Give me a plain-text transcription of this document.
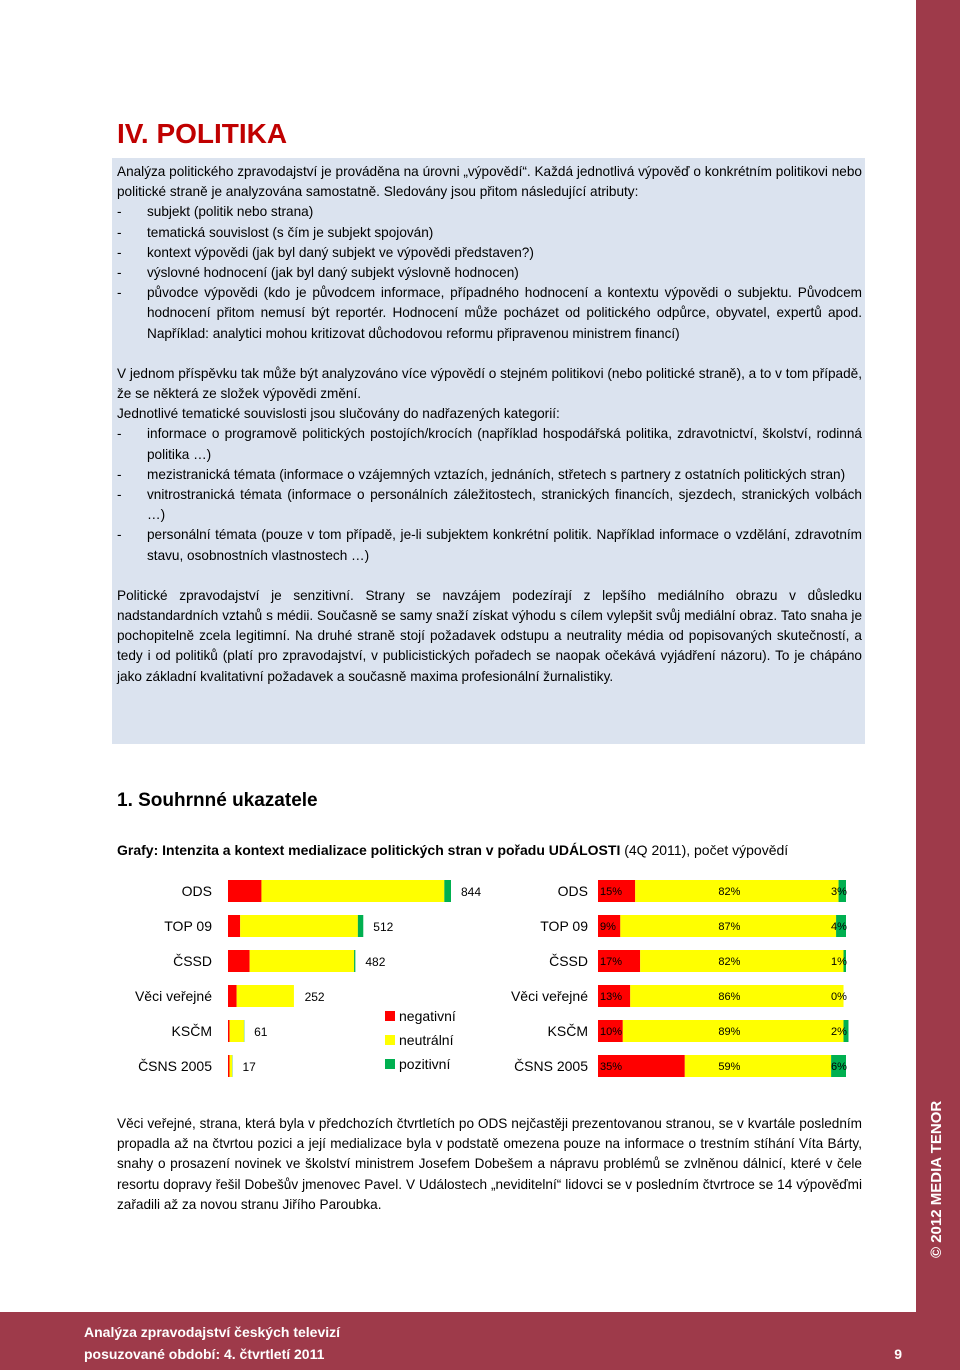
© 2012 MEDIA TENOR
Analýza zpravodajství českých televizí
posuzované období: 4. čtvrtletí 2011	9
IV. POLITIKA

Analýza politického zpravodajství je prováděna na úrovni „výpovědí“. Každá jednotlivá výpověď o konkrétním politikovi nebo politické straně je analyzována samostatně. Sledovány jsou přitom následující atributy:

- subjekt (politik nebo strana)
- tematická souvislost (s čím je subjekt spojován)
- kontext výpovědi (jak byl daný subjekt ve výpovědi představen?)
- výslovné hodnocení (jak byl daný subjekt výslovně hodnocen)
- původce výpovědi (kdo je původcem informace, případného hodnocení a kontextu výpovědi o subjektu. Původcem hodnocení přitom nemusí být reportér. Hodnocení může pocházet od politického odpůrce, obyvatel, expertů apod. Například: analytici mohou kritizovat důchodovou reformu připravenou ministrem financí)

V jednom příspěvku tak může být analyzováno více výpovědí o stejném politikovi (nebo politické straně), a to v tom případě, že se některá ze složek výpovědi změní.

Jednotlivé tematické souvislosti jsou slučovány do nadřazených kategorií:

- informace o programově politických postojích/krocích (například hospodářská politika, zdravotnictví, školství, rodinná politika …)
- mezistranická témata (informace o vzájemných vztazích, jednáních, střetech s partnery z ostatních politických stran)
- vnitrostranická témata (informace o personálních záležitostech, stranických financích, sjezdech, stranických volbách …)
- personální témata (pouze v tom případě, je-li subjektem konkrétní politik. Například informace o vzdělání, zdravotním stavu, osobnostních vlastnostech …)

Politické zpravodajství je senzitivní. Strany se navzájem podezírají z lepšího mediálního obrazu v důsledku nadstandardních vztahů s médii. Současně se samy snaží získat výhodu s cílem vylepšit svůj mediální obraz. Tato snaha je pochopitelně zcela legitimní. Na druhé straně stojí požadavek odstupu a neutrality média od popisovaných skutečností, a tedy i od politiků (platí pro zpravodajství, v publicistických pořadech se naopak očekává vyjádření názoru). To je chápáno jako základní kvalitativní požadavek a současně maxima profesionální žurnalistiky.

1. Souhrnné ukazatele
Grafy: Intenzita a kontext medializace politických stran v pořadu UDÁLOSTI (4Q 2011), počet výpovědí
ODS	844
TOP 09	512
ČSSD	482
Věci veřejné	252
KSČM	61
ČSNS 2005	17
negativní
neutrální
pozitivní
ODS 15%	82%	3%
TOP 09 9%	87%	4%
ČSSD 17%	82%	1%
Věci veřejné 13%	86%	0%
KSČM 10%	89%	2%
ČSNS 2005 35%	59%	6%
Věci veřejné, strana, která byla v předchozích čtvrtletích po ODS nejčastěji prezentovanou stranou, se v kvartále posledním propadla až na čtvrtou pozici a její medializace byla v podstatě omezena pouze na informace o trestním stíhání Víta Bárty, snahy o prosazení novinek ve školství ministrem Josefem Dobešem a nápravu problémů se zvlněnou dálnicí, které v čele resortu dopravy řešil Dobešův jmenovec Pavel. V Událostech „neviditelní“ lidovci se v posledním čtvrtroce se 14 výpověďmi zařadili až za novou stranu Jiřího Paroubka.
